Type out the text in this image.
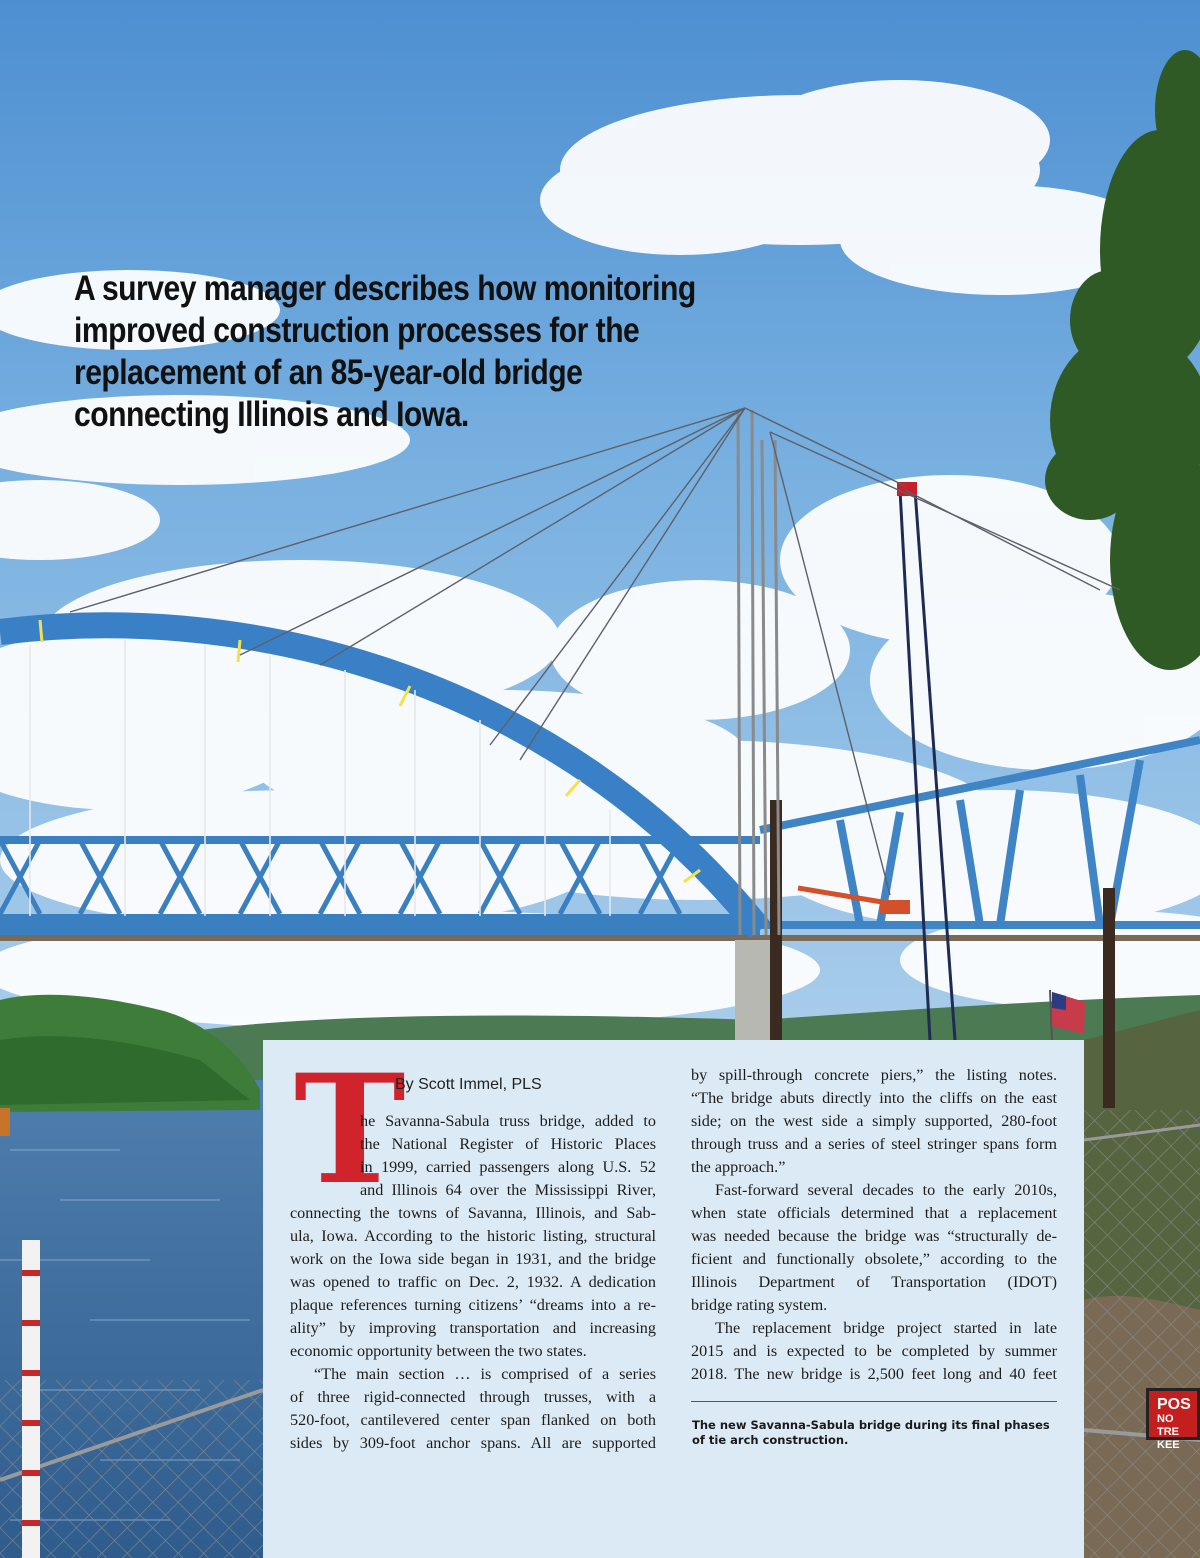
A survey manager describes how monitoring
improved construction processes for the
replacement of an 85-year-old bridge
connecting Illinois and Iowa.
T
By Scott Immel, PLS
he Savanna-Sabula truss bridge, added to
the National Register of Historic Places
in 1999, carried passengers along U.S. 52
and Illinois 64 over the Mississippi River,
connecting the towns of Savanna, Illinois, and Sab-
ula, Iowa. According to the historic listing, structural
work on the Iowa side began in 1931, and the bridge
was opened to traffic on Dec. 2, 1932. A dedication
plaque references turning citizens’ “dreams into a re-
ality” by improving transportation and increasing
economic opportunity between the two states.
“The main section … is comprised of a series
of three rigid-connected through trusses, with a
520-foot, cantilevered center span flanked on both
sides by 309-foot anchor spans. All are supported
by spill-through concrete piers,” the listing notes.
“The bridge abuts directly into the cliffs on the east
side; on the west side a simply supported, 280-foot
through truss and a series of steel stringer spans form
the approach.”
Fast-forward several decades to the early 2010s,
when state officials determined that a replacement
was needed because the bridge was “structurally de-
ficient and functionally obsolete,” according to the
Illinois Department of Transportation (IDOT)
bridge rating system.
The replacement bridge project started in late
2015 and is expected to be completed by summer
2018. The new bridge is 2,500 feet long and 40 feet
The new Savanna-Sabula bridge during its final phases
of tie arch construction.
POS
NO TRE
KEE
